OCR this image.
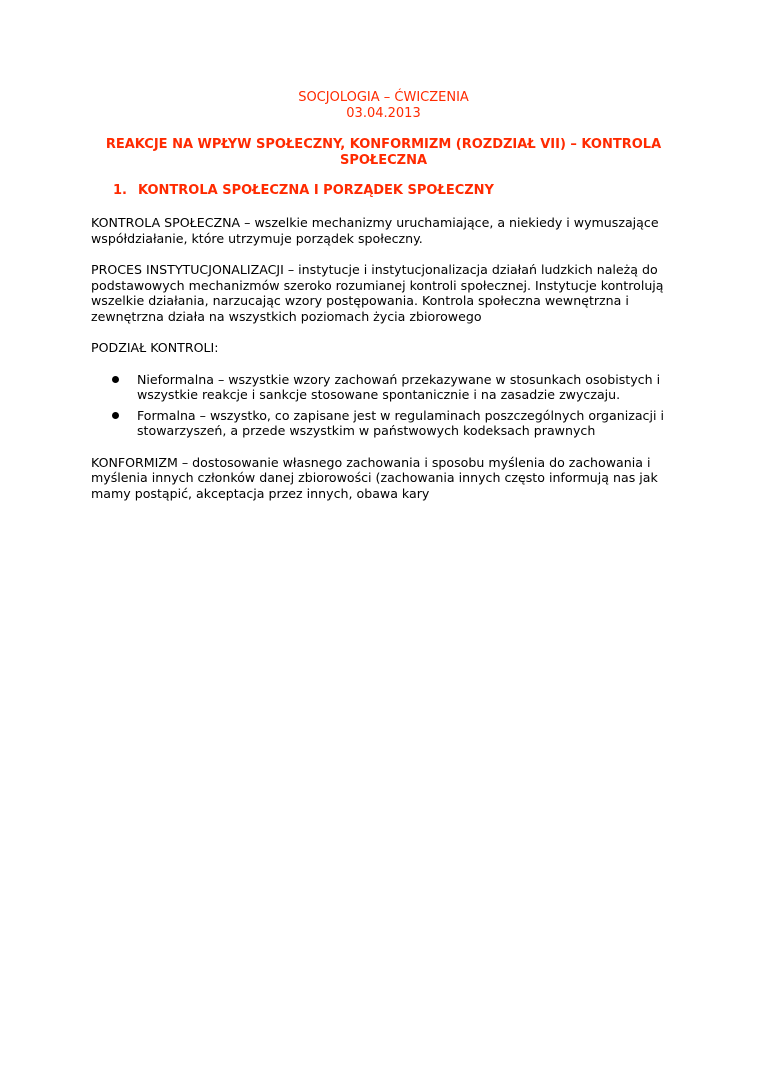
SOCJOLOGIA – ĆWICZENIA
03.04.2013
REAKCJE NA WPŁYW SPOŁECZNY, KONFORMIZM (ROZDZIAŁ VII) – KONTROLA SPOŁECZNA
1. KONTROLA SPOŁECZNA I PORZĄDEK SPOŁECZNY

KONTROLA SPOŁECZNA – wszelkie mechanizmy uruchamiające, a niekiedy i wymuszające współdziałanie, które utrzymuje porządek społeczny.

PROCES INSTYTUCJONALIZACJI – instytucje i instytucjonalizacja działań ludzkich należą do podstawowych mechanizmów szeroko rozumianej kontroli społecznej. Instytucje kontrolują wszelkie działania, narzucając wzory postępowania. Kontrola społeczna wewnętrzna i zewnętrzna działa na wszystkich poziomach życia zbiorowego

PODZIAŁ KONTROLI:

Nieformalna – wszystkie wzory zachowań przekazywane w stosunkach osobistych i wszystkie reakcje i sankcje stosowane spontanicznie i na zasadzie zwyczaju.
Formalna – wszystko, co zapisane jest w regulaminach poszczególnych organizacji i stowarzyszeń, a przede wszystkim w państwowych kodeksach prawnych

KONFORMIZM – dostosowanie własnego zachowania i sposobu myślenia do zachowania i myślenia innych członków danej zbiorowości (zachowania innych często informują nas jak mamy postąpić, akceptacja przez innych, obawa kary
